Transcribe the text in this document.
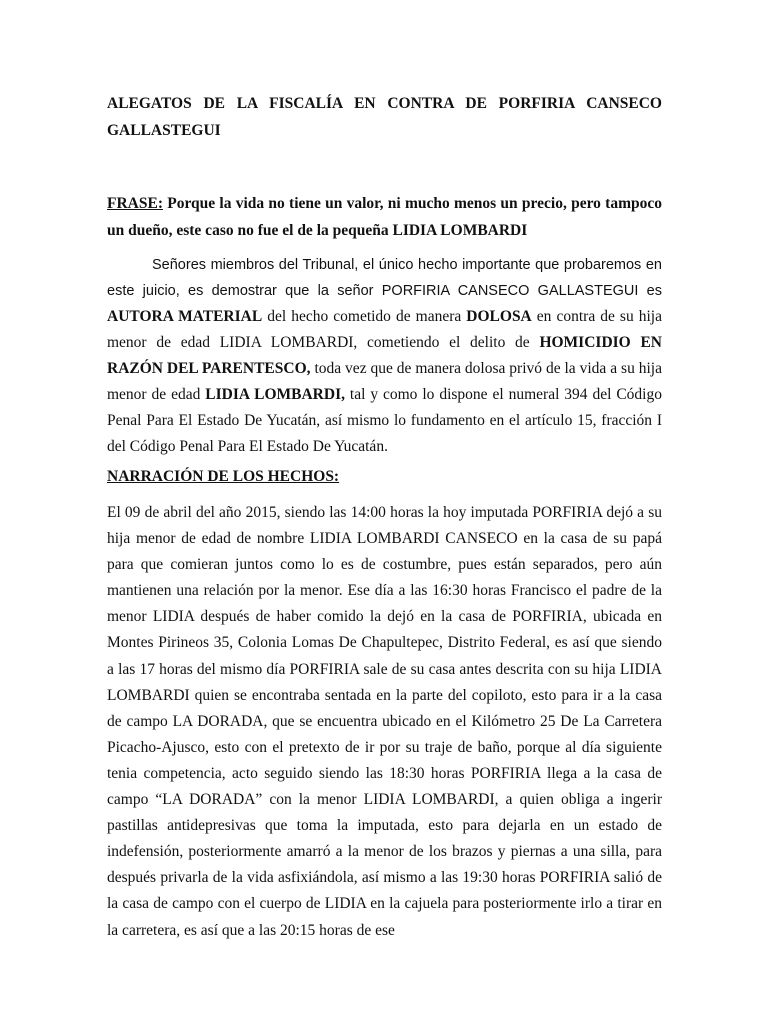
ALEGATOS DE LA FISCALÍA EN CONTRA DE PORFIRIA CANSECO GALLASTEGUI

FRASE: Porque la vida no tiene un valor, ni mucho menos un precio, pero tampoco un dueño, este caso no fue el de la pequeña LIDIA LOMBARDI

Señores miembros del Tribunal, el único hecho importante que probaremos en este juicio, es demostrar que la señor PORFIRIA CANSECO GALLASTEGUI es AUTORA MATERIAL del hecho cometido de manera DOLOSA en contra de su hija menor de edad LIDIA LOMBARDI, cometiendo el delito de HOMICIDIO EN RAZÓN DEL PARENTESCO, toda vez que de manera dolosa privó de la vida a su hija menor de edad LIDIA LOMBARDI, tal y como lo dispone el numeral 394 del Código Penal Para El Estado De Yucatán, así mismo lo fundamento en el artículo 15, fracción I del Código Penal Para El Estado De Yucatán.

NARRACIÓN DE LOS HECHOS:

El 09 de abril del año 2015, siendo las 14:00 horas la hoy imputada PORFIRIA dejó a su hija menor de edad de nombre LIDIA LOMBARDI CANSECO en la casa de su papá para que comieran juntos como lo es de costumbre, pues están separados, pero aún mantienen una relación por la menor. Ese día a las 16:30 horas Francisco el padre de la menor LIDIA después de haber comido la dejó en la casa de PORFIRIA, ubicada en Montes Pirineos 35, Colonia Lomas De Chapultepec, Distrito Federal, es así que siendo a las 17 horas del mismo día PORFIRIA sale de su casa antes descrita con su hija LIDIA LOMBARDI quien se encontraba sentada en la parte del copiloto, esto para ir a la casa de campo LA DORADA, que se encuentra ubicado en el Kilómetro 25 De La Carretera Picacho-Ajusco, esto con el pretexto de ir por su traje de baño, porque al día siguiente tenia competencia, acto seguido siendo las 18:30 horas PORFIRIA llega a la casa de campo “LA DORADA” con la menor LIDIA LOMBARDI, a quien obliga a ingerir pastillas antidepresivas que toma la imputada, esto para dejarla en un estado de indefensión, posteriormente amarró a la menor de los brazos y piernas a una silla, para después privarla de la vida asfixiándola, así mismo a las 19:30 horas PORFIRIA salió de la casa de campo con el cuerpo de LIDIA en la cajuela para posteriormente irlo a tirar en la carretera, es así que a las 20:15 horas de ese
